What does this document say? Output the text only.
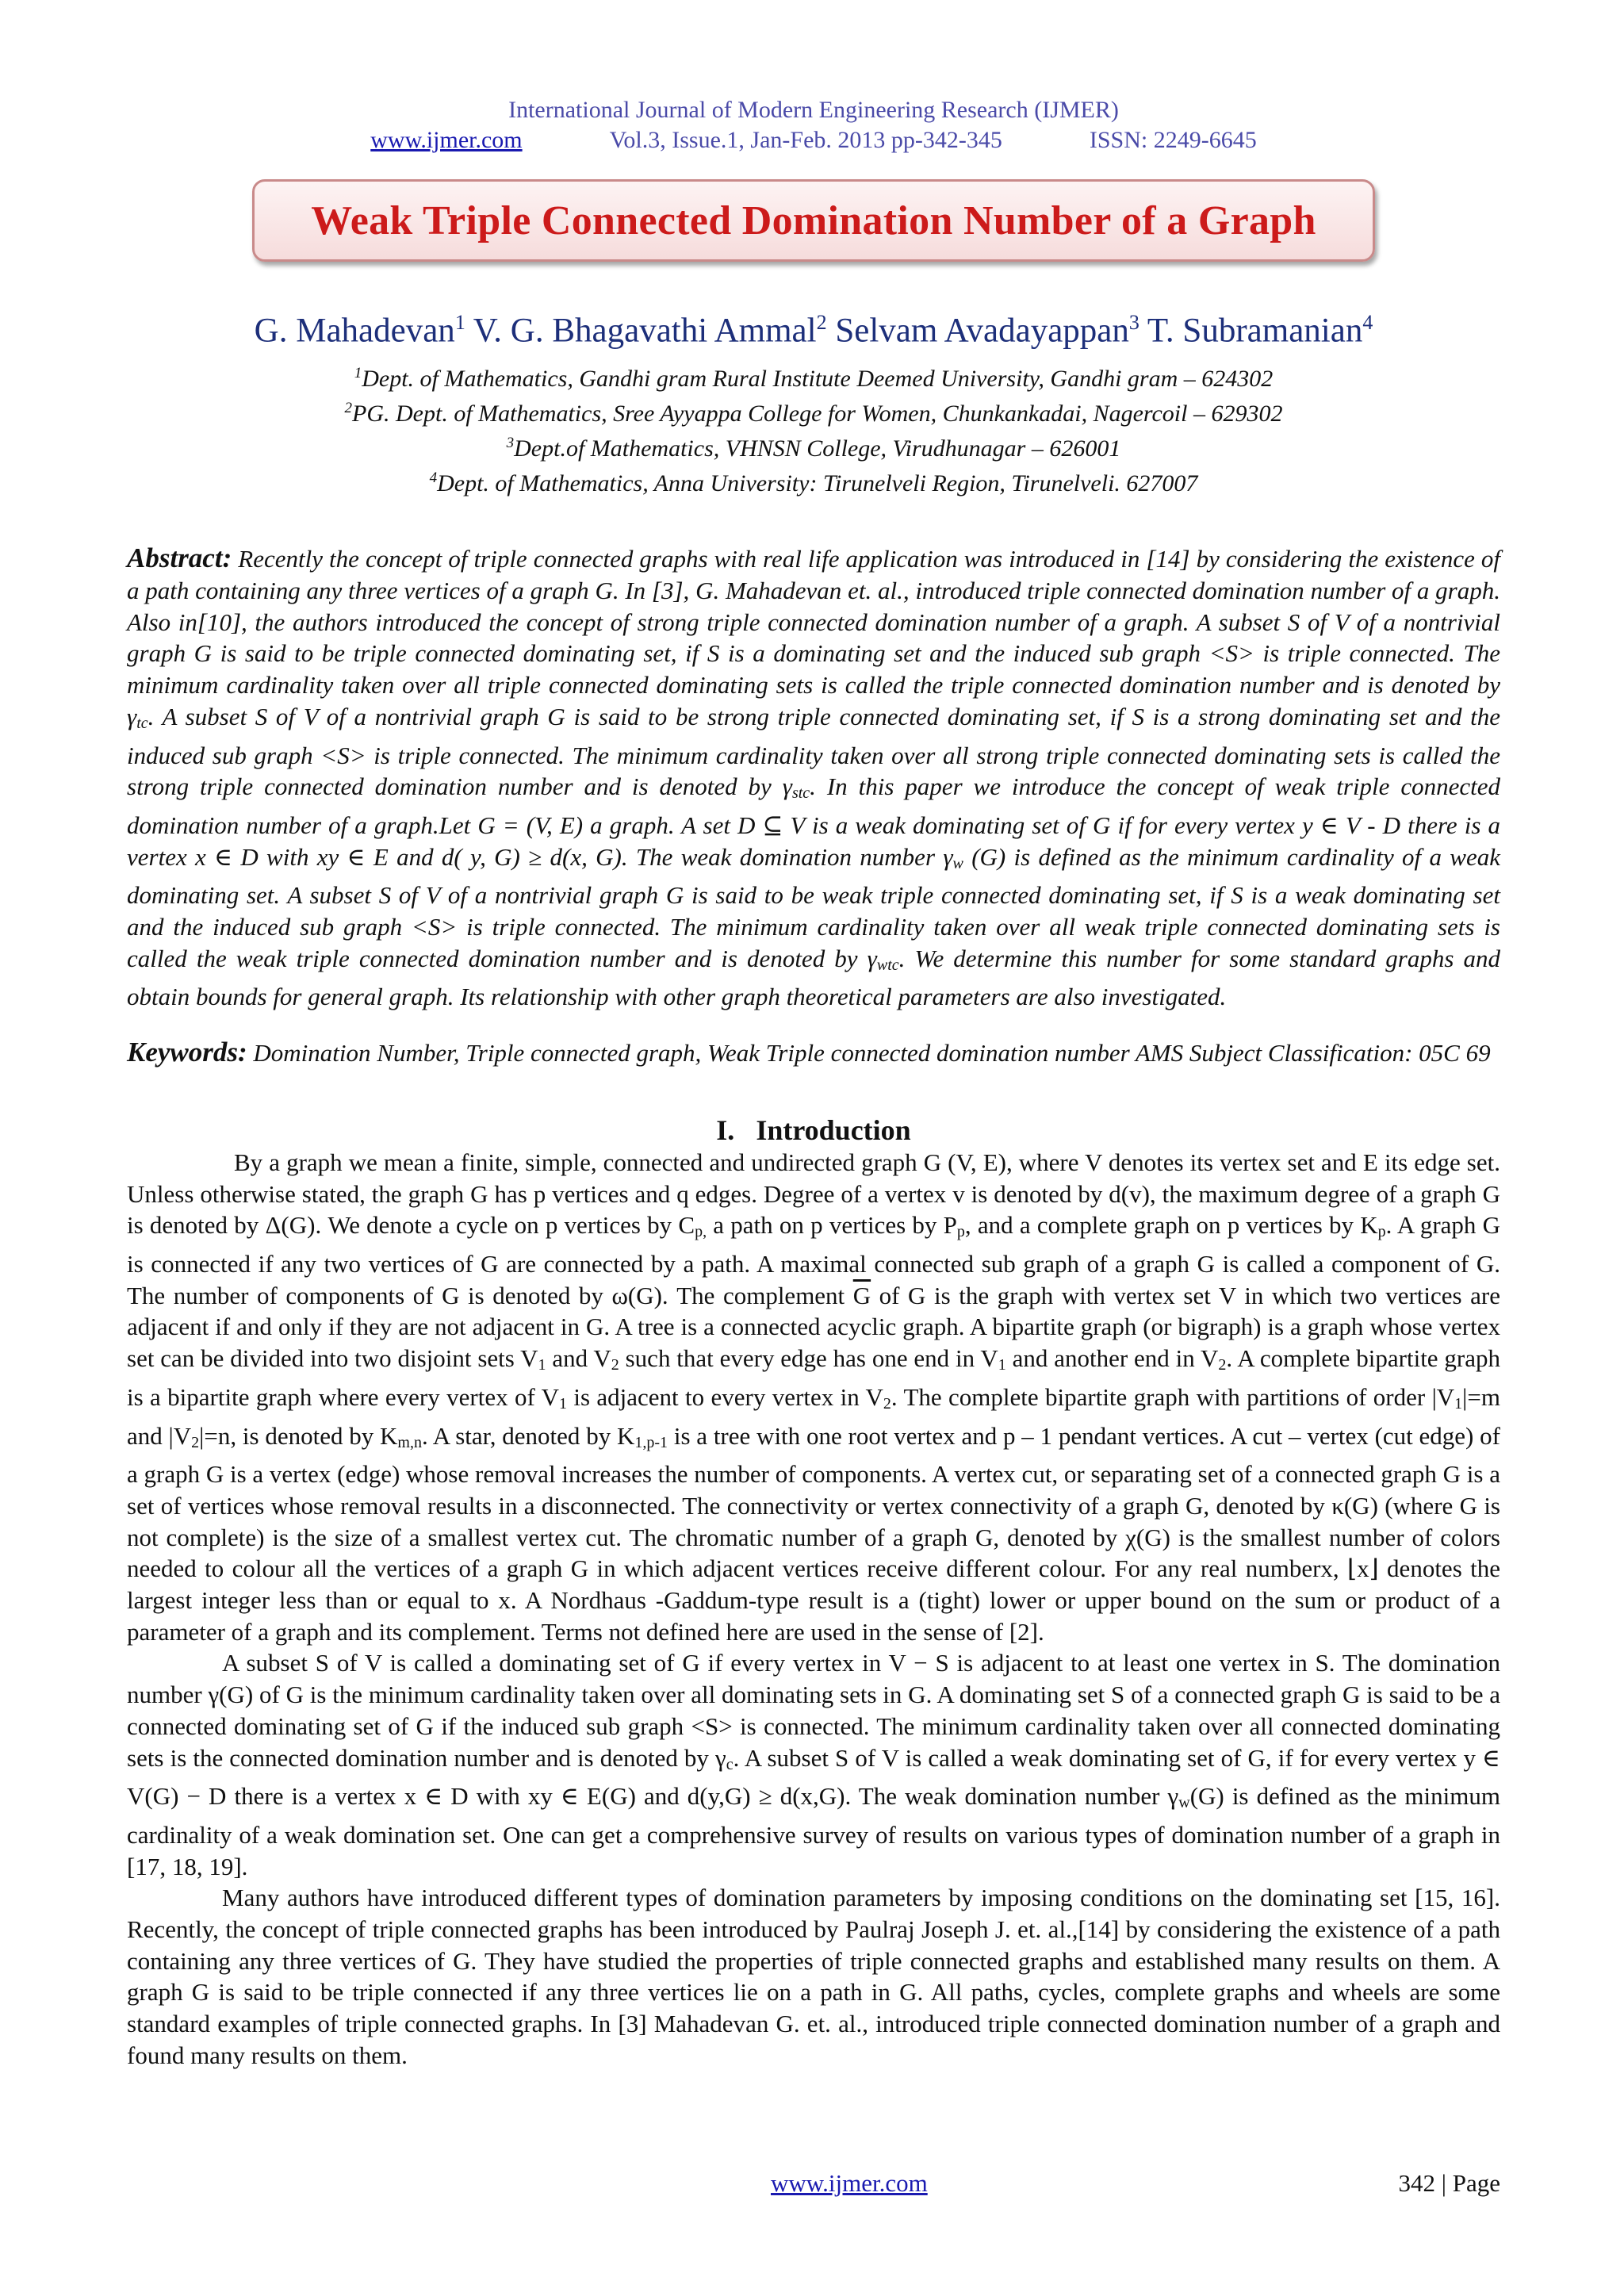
International Journal of Modern Engineering Research (IJMER)
www.ijmer.com	Vol.3, Issue.1, Jan-Feb. 2013 pp-342-345	ISSN: 2249-6645
Weak Triple Connected Domination Number of a Graph
G. Mahadevan$^1$ V. G. Bhagavathi Ammal$^2$ Selvam Avadayappan$^3$ T. Subramanian$^4$
$^1$Dept. of Mathematics, Gandhi gram Rural Institute Deemed University, Gandhi gram – 624302
$^2$PG. Dept. of Mathematics, Sree Ayyappa College for Women, Chunkankadai, Nagercoil – 629302
$^3$Dept.of Mathematics, VHNSN College, Virudhunagar – 626001
$^4$Dept. of Mathematics, Anna University: Tirunelveli Region, Tirunelveli. 627007
Abstract: Recently the concept of triple connected graphs with real life application was introduced in [14] by considering the existence of a path containing any three vertices of a graph G. In [3], G. Mahadevan et. al., introduced triple connected domination number of a graph. Also in[10], the authors introduced the concept of strong triple connected domination number of a graph. A subset S of V of a nontrivial graph G is said to be triple connected dominating set, if S is a dominating set and the induced sub graph <S> is triple connected. The minimum cardinality taken over all triple connected dominating sets is called the triple connected domination number and is denoted by $\gamma_{tc}$. A subset S of V of a nontrivial graph G is said to be strong triple connected dominating set, if S is a strong dominating set and the induced sub graph <S> is triple connected. The minimum cardinality taken over all strong triple connected dominating sets is called the strong triple connected domination number and is denoted by $\gamma_{stc}$. In this paper we introduce the concept of weak triple connected domination number of a graph.Let G = (V, E) a graph. A set D ⊆ V is a weak dominating set of G if for every vertex y ∈ V - D there is a vertex x ∈ D with xy ∈ E and d( y, G) ≥ d(x, G). The weak domination number $\gamma_w$ (G) is defined as the minimum cardinality of a weak dominating set. A subset S of V of a nontrivial graph G is said to be weak triple connected dominating set, if S is a weak dominating set and the induced sub graph <S> is triple connected. The minimum cardinality taken over all weak triple connected dominating sets is called the weak triple connected domination number and is denoted by $\gamma_{wtc}$. We determine this number for some standard graphs and obtain bounds for general graph. Its relationship with other graph theoretical parameters are also investigated.
Keywords: Domination Number, Triple connected graph, Weak Triple connected domination number AMS Subject Classification: 05C 69
I. Introduction

By a graph we mean a finite, simple, connected and undirected graph G (V, E), where V denotes its vertex set and E its edge set. Unless otherwise stated, the graph G has p vertices and q edges. Degree of a vertex v is denoted by d(v), the maximum degree of a graph G is denoted by Δ(G). We denote a cycle on p vertices by $C_{p,}$ a path on p vertices by $P_p$, and a complete graph on p vertices by $K_p$. A graph G is connected if any two vertices of G are connected by a path. A maximal connected sub graph of a graph G is called a component of G. The number of components of G is denoted by ω(G). The complement $\overline{G}$ of G is the graph with vertex set V in which two vertices are adjacent if and only if they are not adjacent in G. A tree is a connected acyclic graph. A bipartite graph (or bigraph) is a graph whose vertex set can be divided into two disjoint sets $V_1$ and $V_2$ such that every edge has one end in $V_1$ and another end in $V_2$. A complete bipartite graph is a bipartite graph where every vertex of $V_1$ is adjacent to every vertex in $V_2$. The complete bipartite graph with partitions of order $|V_1|=m$ and $|V_2|=n$, is denoted by $K_{m,n}$. A star, denoted by $K_{1,p-1}$ is a tree with one root vertex and p – 1 pendant vertices. A cut – vertex (cut edge) of a graph G is a vertex (edge) whose removal increases the number of components. A vertex cut, or separating set of a connected graph G is a set of vertices whose removal results in a disconnected. The connectivity or vertex connectivity of a graph G, denoted by κ(G) (where G is not complete) is the size of a smallest vertex cut. The chromatic number of a graph G, denoted by χ(G) is the smallest number of colors needed to colour all the vertices of a graph G in which adjacent vertices receive different colour. For any real numberx, ⌊x⌋ denotes the largest integer less than or equal to x. A Nordhaus -Gaddum-type result is a (tight) lower or upper bound on the sum or product of a parameter of a graph and its complement. Terms not defined here are used in the sense of [2].

A subset S of V is called a dominating set of G if every vertex in V − S is adjacent to at least one vertex in S. The domination number γ(G) of G is the minimum cardinality taken over all dominating sets in G. A dominating set S of a connected graph G is said to be a connected dominating set of G if the induced sub graph <S> is connected. The minimum cardinality taken over all connected dominating sets is the connected domination number and is denoted by $\gamma_c$. A subset S of V is called a weak dominating set of G, if for every vertex y ∈ V(G) − D there is a vertex x ∈ D with xy ∈ E(G) and d(y,G) ≥ d(x,G). The weak domination number $\gamma_w(G)$ is defined as the minimum cardinality of a weak domination set. One can get a comprehensive survey of results on various types of domination number of a graph in [17, 18, 19].

Many authors have introduced different types of domination parameters by imposing conditions on the dominating set [15, 16]. Recently, the concept of triple connected graphs has been introduced by Paulraj Joseph J. et. al.,[14] by considering the existence of a path containing any three vertices of G. They have studied the properties of triple connected graphs and established many results on them. A graph G is said to be triple connected if any three vertices lie on a path in G. All paths, cycles, complete graphs and wheels are some standard examples of triple connected graphs. In [3] Mahadevan G. et. al., introduced triple connected domination number of a graph and found many results on them.

www.ijmer.com	342 | Page
